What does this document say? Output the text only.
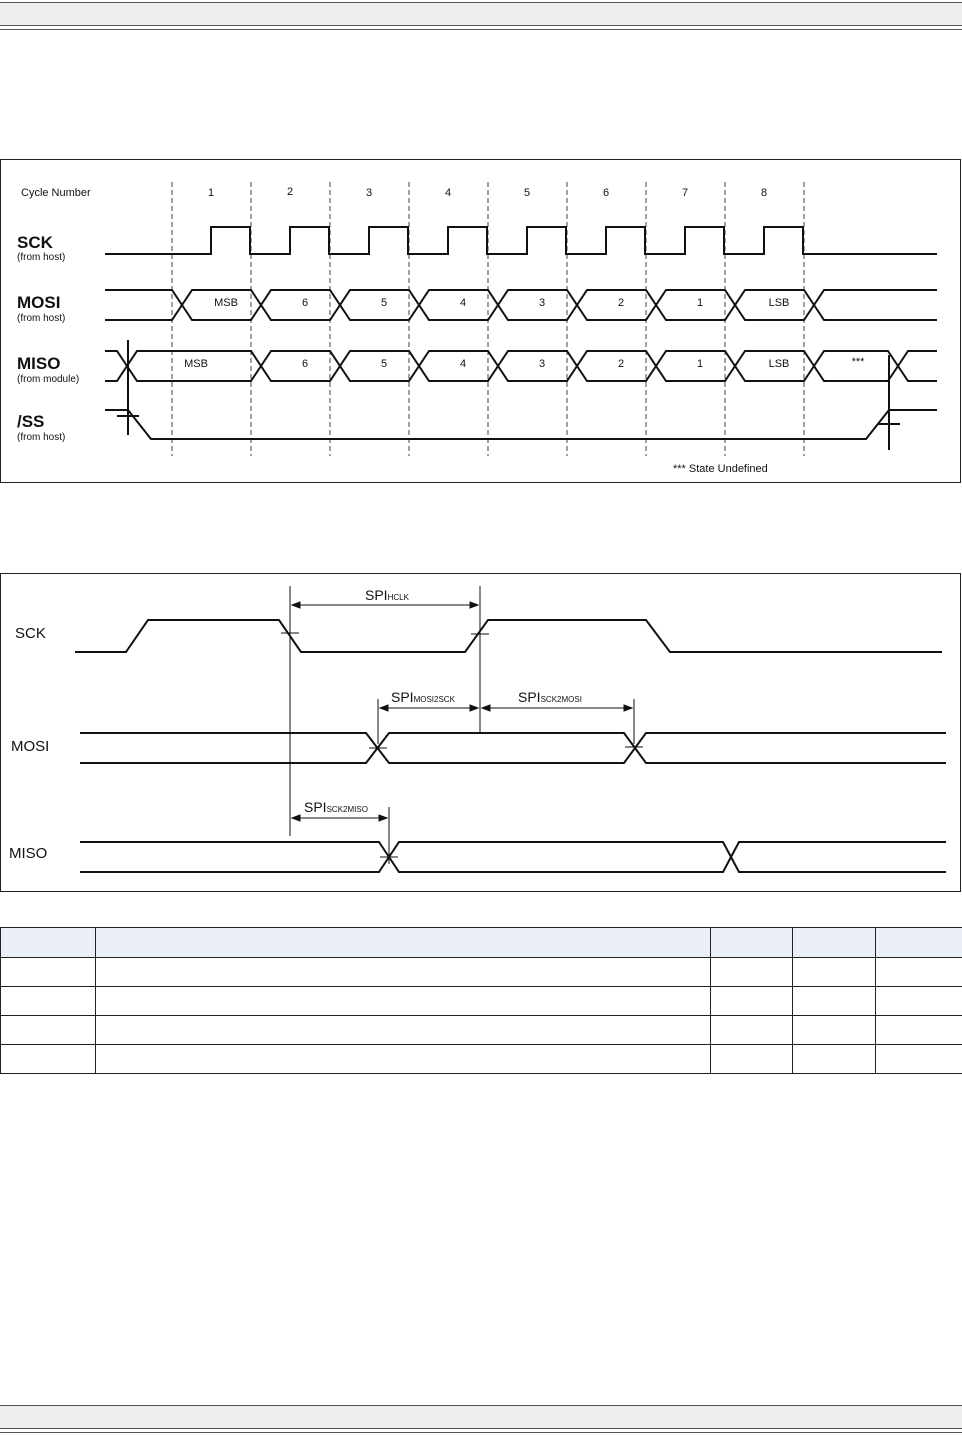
Cycle Number	1	2	3	4	5	6	7	8
SCK
(from host)
MOSI
(from host)
MISO
(from module)
/SS
(from host)
MSB	6	5	4	3	2	1	LSB
MSB	6	5	4	3	2	1	LSB	***
*** State Undefined
SCK
MOSI
MISO
SPIHCLK
SPIMOSI2SCK	SPISCK2MOSI
SPISCK2MISO
